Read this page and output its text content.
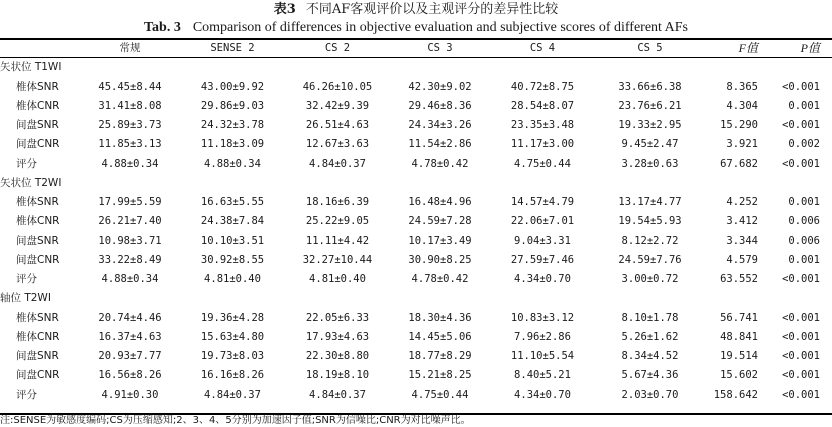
表3 不同AF客观评价以及主观评分的差异性比较
Tab. 3 Comparison of differences in objective evaluation and subjective scores of different AFs
	常规	SENSE 2	CS 2	CS 3	CS 4	CS 5	F值	P值
矢状位 T1WI								
椎体SNR	45.45±8.44	43.00±9.92	46.26±10.05	42.30±9.02	40.72±8.75	33.66±6.38	8.365	<0.001
椎体CNR	31.41±8.08	29.86±9.03	32.42±9.39	29.46±8.36	28.54±8.07	23.76±6.21	4.304	0.001
间盘SNR	25.89±3.73	24.32±3.78	26.51±4.63	24.34±3.26	23.35±3.48	19.33±2.95	15.290	<0.001
间盘CNR	11.85±3.13	11.18±3.09	12.67±3.63	11.54±2.86	11.17±3.00	9.45±2.47	3.921	0.002
评分	4.88±0.34	4.88±0.34	4.84±0.37	4.78±0.42	4.75±0.44	3.28±0.63	67.682	<0.001
矢状位 T2WI								
椎体SNR	17.99±5.59	16.63±5.55	18.16±6.39	16.48±4.96	14.57±4.79	13.17±4.77	4.252	0.001
椎体CNR	26.21±7.40	24.38±7.84	25.22±9.05	24.59±7.28	22.06±7.01	19.54±5.93	3.412	0.006
间盘SNR	10.98±3.71	10.10±3.51	11.11±4.42	10.17±3.49	9.04±3.31	8.12±2.72	3.344	0.006
间盘CNR	33.22±8.49	30.92±8.55	32.27±10.44	30.90±8.25	27.59±7.46	24.59±7.76	4.579	0.001
评分	4.88±0.34	4.81±0.40	4.81±0.40	4.78±0.42	4.34±0.70	3.00±0.72	63.552	<0.001
轴位 T2WI								
椎体SNR	20.74±4.46	19.36±4.28	22.05±6.33	18.30±4.36	10.83±3.12	8.10±1.78	56.741	<0.001
椎体CNR	16.37±4.63	15.63±4.80	17.93±4.63	14.45±5.06	7.96±2.86	5.26±1.62	48.841	<0.001
间盘SNR	20.93±7.77	19.73±8.03	22.30±8.80	18.77±8.29	11.10±5.54	8.34±4.52	19.514	<0.001
间盘CNR	16.56±8.26	16.16±8.26	18.19±8.10	15.21±8.25	8.40±5.21	5.67±4.36	15.602	<0.001
评分	4.91±0.30	4.84±0.37	4.84±0.37	4.75±0.44	4.34±0.70	2.03±0.70	158.642	<0.001
注:SENSE为敏感度编码;CS为压缩感知;2、3、4、5分别为加速因子值;SNR为信噪比;CNR为对比噪声比。
